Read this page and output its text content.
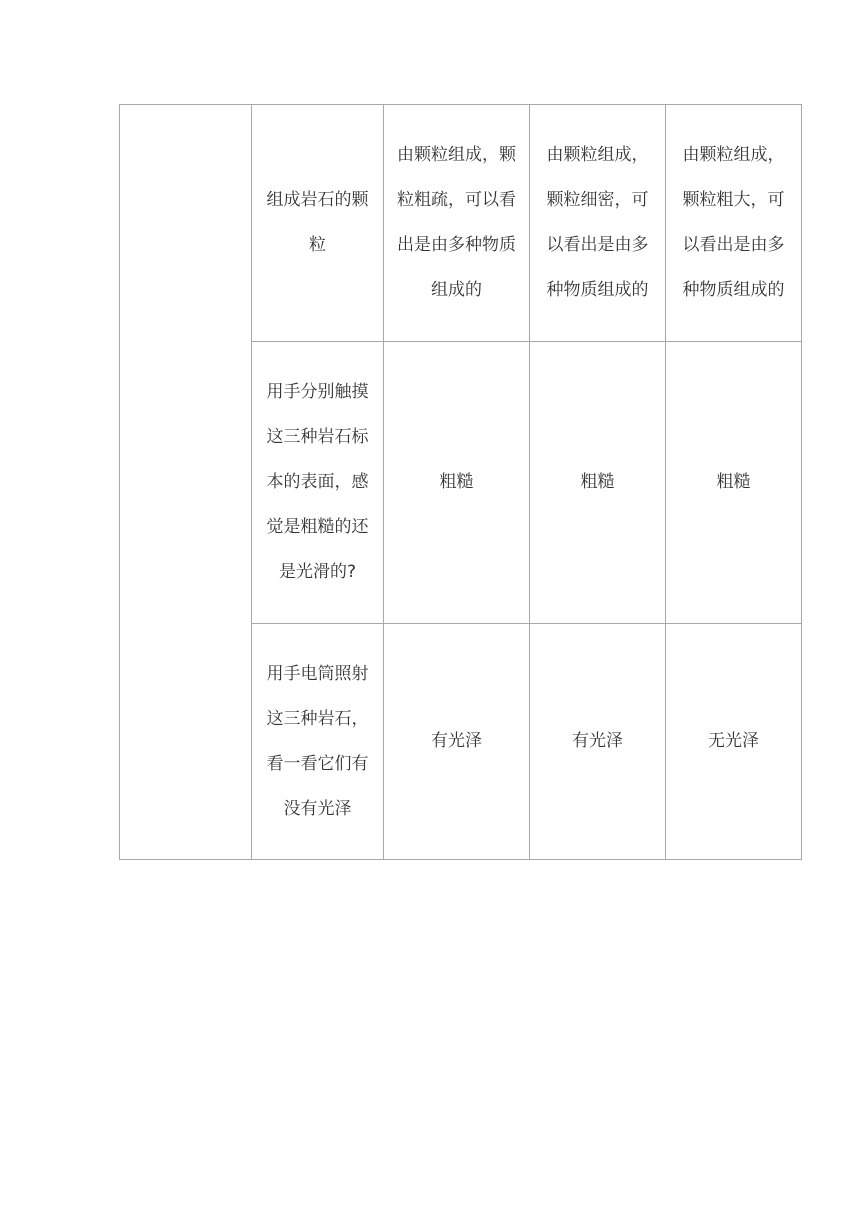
	组成岩石的颗粒	由颗粒组成，颗粒粗疏，可以看出是由多种物质组成的	由颗粒组成，颗粒细密，可以看出是由多种物质组成的	由颗粒组成，颗粒粗大，可以看出是由多种物质组成的
	用手分别触摸这三种岩石标本的表面，感觉是粗糙的还是光滑的?	粗糙	粗糙	粗糙
	用手电筒照射这三种岩石，看一看它们有没有光泽	有光泽	有光泽	无光泽
